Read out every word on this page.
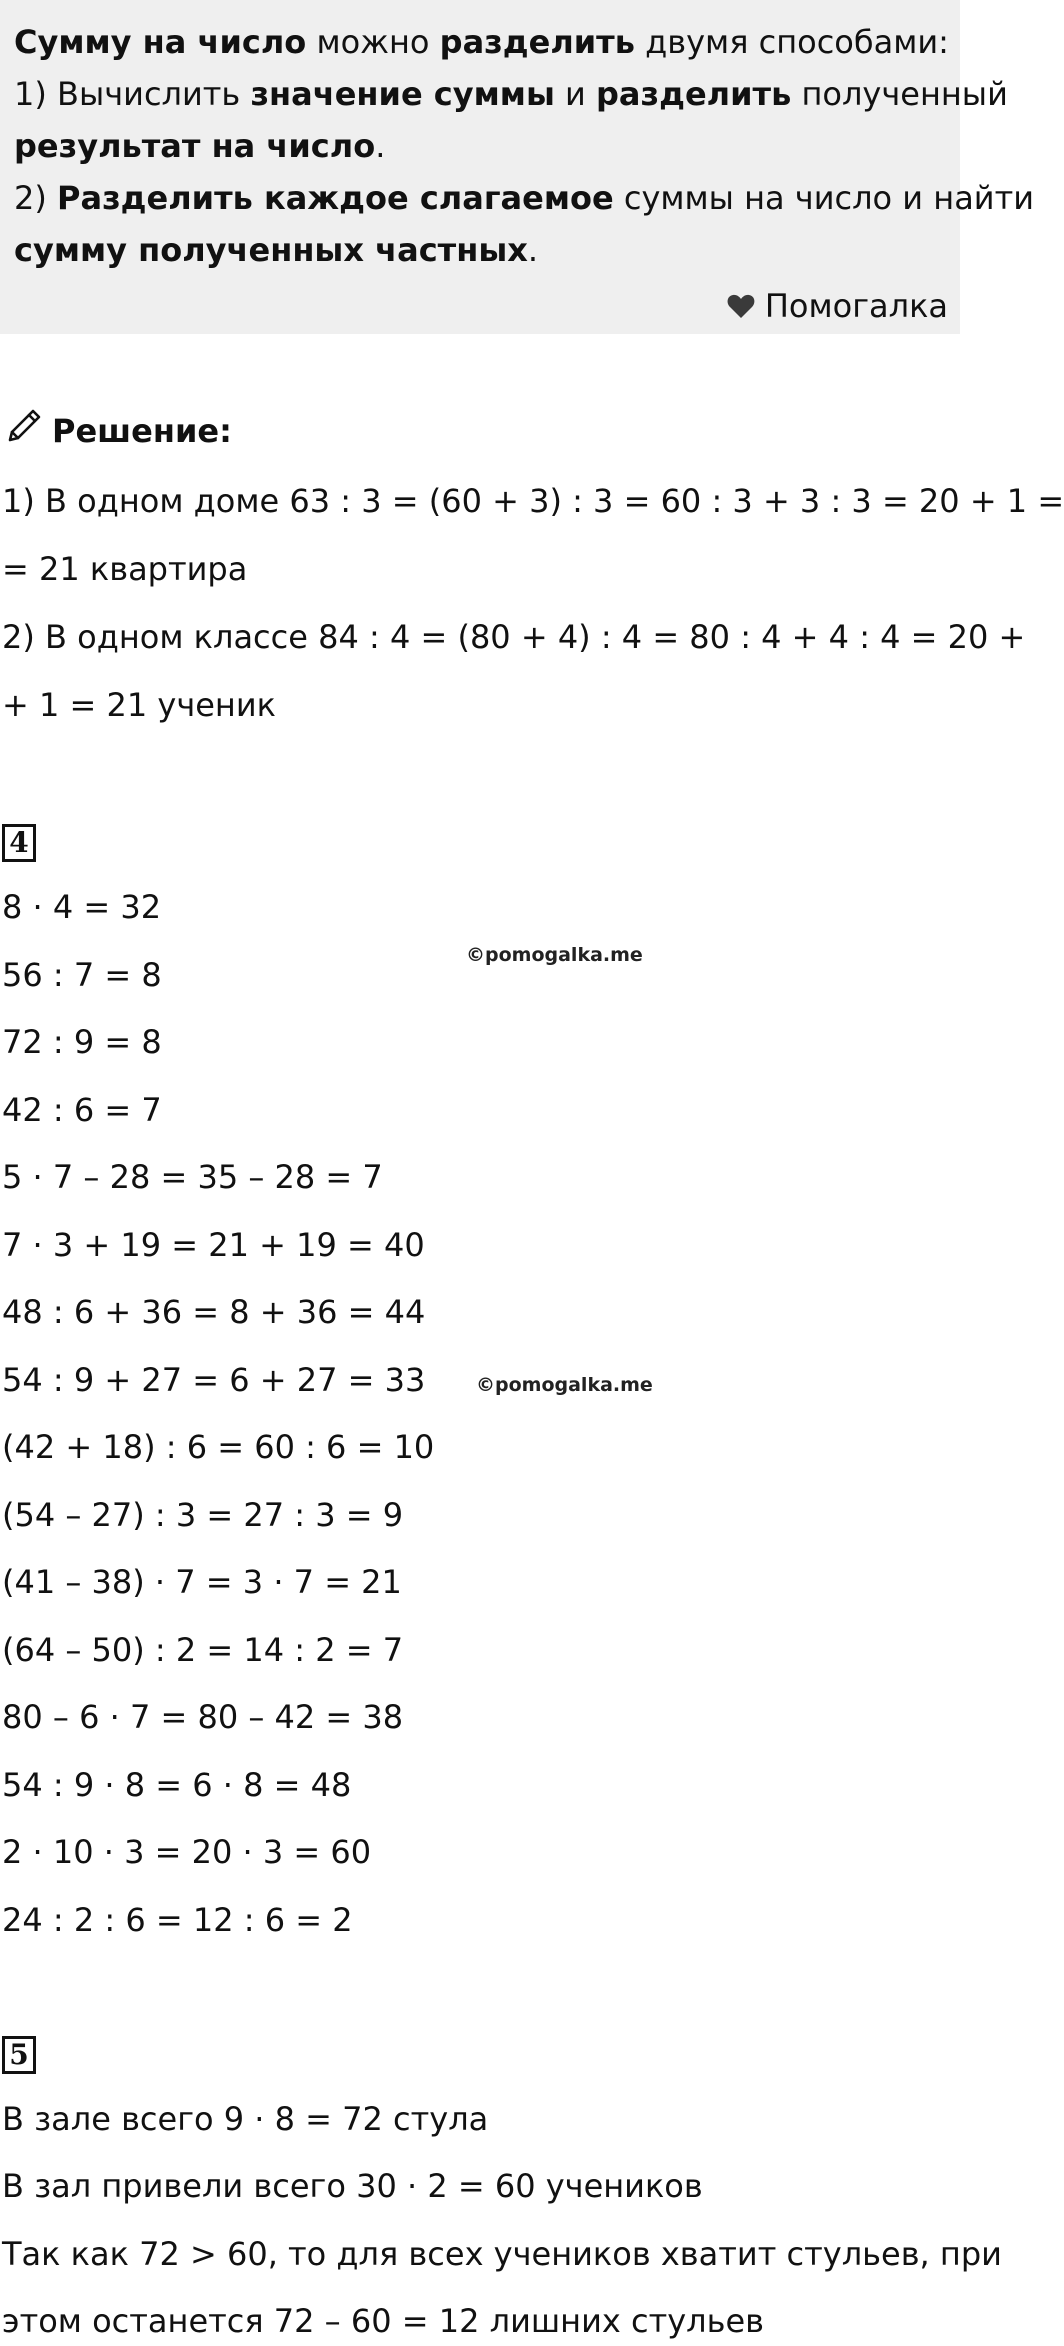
Сумму на число можно разделить двумя способами:
1) Вычислить значение суммы и разделить полученный
результат на число.
2) Разделить каждое слагаемое суммы на число и найти
сумму полученных частных.
Помогалка
Решение:
1) В одном доме 63 : 3 = (60 + 3) : 3 = 60 : 3 + 3 : 3 = 20 + 1 =
= 21 квартира
2) В одном классе 84 : 4 = (80 + 4) : 4 = 80 : 4 + 4 : 4 = 20 +
+ 1 = 21 ученик
4
8 · 4 = 32
56 : 7 = 8
72 : 9 = 8
42 : 6 = 7
5 · 7 – 28 = 35 – 28 = 7
7 · 3 + 19 = 21 + 19 = 40
48 : 6 + 36 = 8 + 36 = 44
54 : 9 + 27 = 6 + 27 = 33
(42 + 18) : 6 = 60 : 6 = 10
(54 – 27) : 3 = 27 : 3 = 9
(41 – 38) · 7 = 3 · 7 = 21
(64 – 50) : 2 = 14 : 2 = 7
80 – 6 · 7 = 80 – 42 = 38
54 : 9 · 8 = 6 · 8 = 48
2 · 10 · 3 = 20 · 3 = 60
24 : 2 : 6 = 12 : 6 = 2
©pomogalka.me
©pomogalka.me
5
В зале всего 9 · 8 = 72 стула
В зал привели всего 30 · 2 = 60 учеников
Так как 72 > 60, то для всех учеников хватит стульев, при
этом останется 72 – 60 = 12 лишних стульев
